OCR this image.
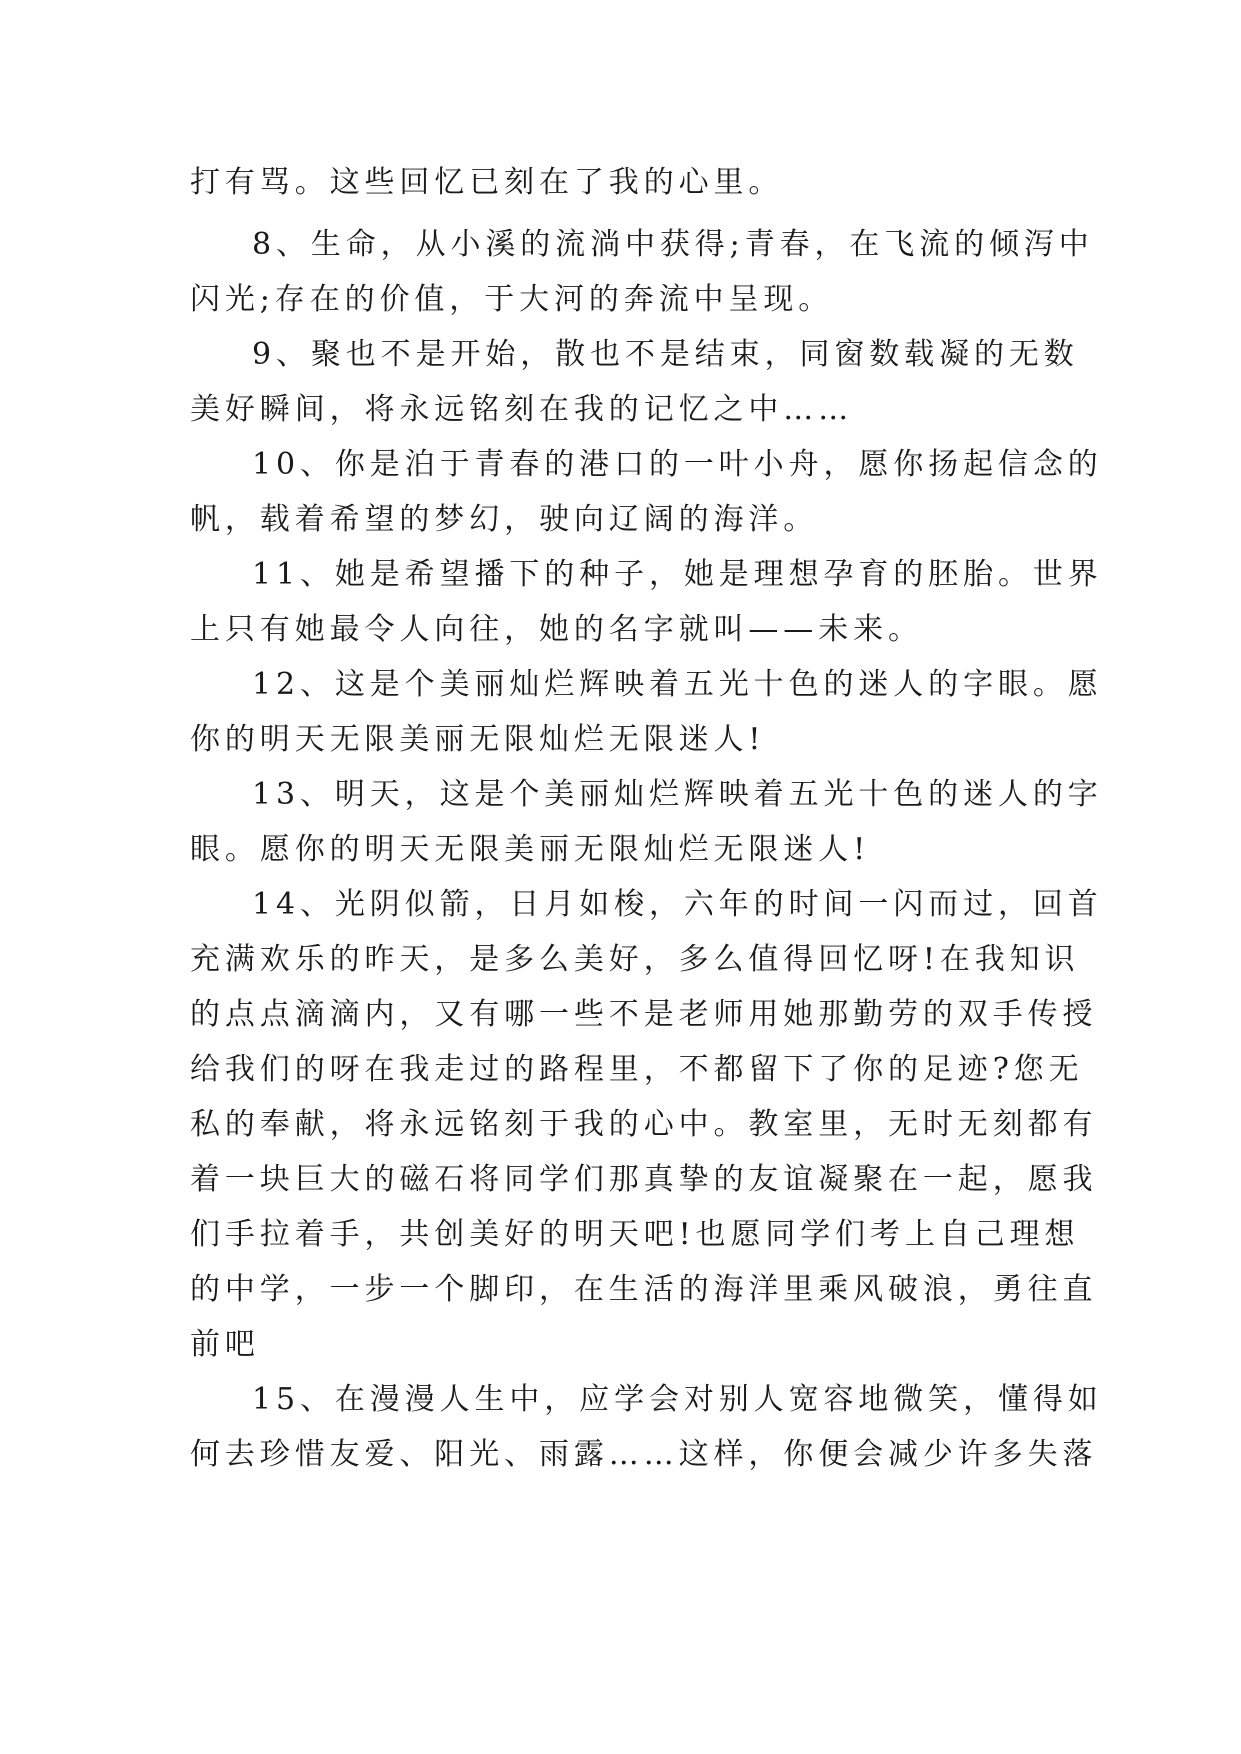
打有骂。这些回忆已刻在了我的心里。
8、生命，从小溪的流淌中获得;青春，在飞流的倾泻中
闪光;存在的价值，于大河的奔流中呈现。
9、聚也不是开始，散也不是结束，同窗数载凝的无数
美好瞬间，将永远铭刻在我的记忆之中……
10、你是泊于青春的港口的一叶小舟，愿你扬起信念的
帆，载着希望的梦幻，驶向辽阔的海洋。
11、她是希望播下的种子，她是理想孕育的胚胎。世界
上只有她最令人向往，她的名字就叫——未来。
12、这是个美丽灿烂辉映着五光十色的迷人的字眼。愿
你的明天无限美丽无限灿烂无限迷人!
13、明天，这是个美丽灿烂辉映着五光十色的迷人的字
眼。愿你的明天无限美丽无限灿烂无限迷人!
14、光阴似箭，日月如梭，六年的时间一闪而过，回首
充满欢乐的昨天，是多么美好，多么值得回忆呀!在我知识
的点点滴滴内，又有哪一些不是老师用她那勤劳的双手传授
给我们的呀在我走过的路程里，不都留下了你的足迹?您无
私的奉献，将永远铭刻于我的心中。教室里，无时无刻都有
着一块巨大的磁石将同学们那真挚的友谊凝聚在一起，愿我
们手拉着手，共创美好的明天吧!也愿同学们考上自己理想
的中学，一步一个脚印，在生活的海洋里乘风破浪，勇往直
前吧
15、在漫漫人生中，应学会对别人宽容地微笑，懂得如
何去珍惜友爱、阳光、雨露……这样，你便会减少许多失落
